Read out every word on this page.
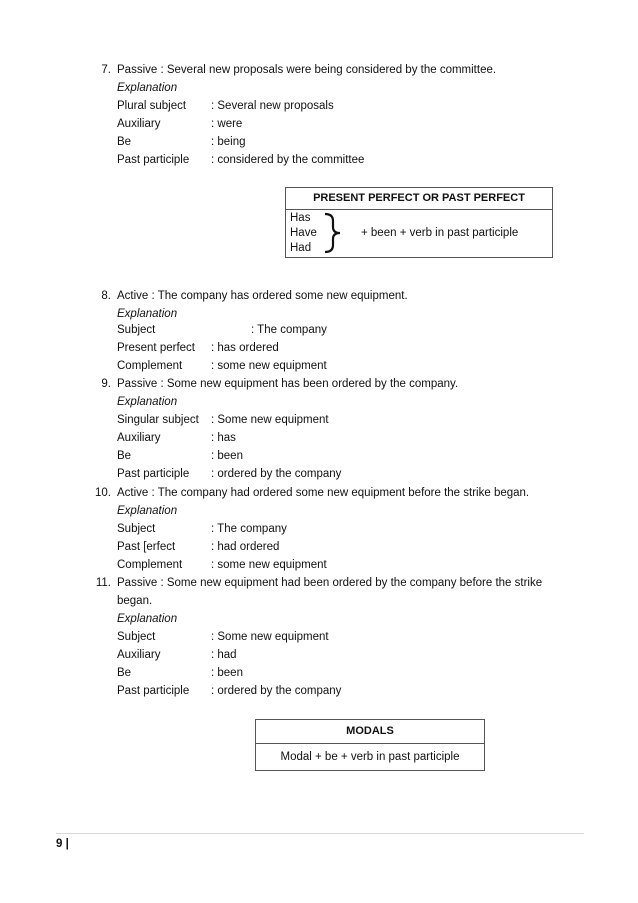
7. Passive : Several new proposals were being considered by the committee.
Explanation
Plural subject : Several new proposals
Auxiliary	: were
Be	: being
Past participle : considered by the committee
PRESENT PERFECT OR PAST PERFECT
Has
Have
Had
+ been + verb in past participle
8. Active : The company has ordered some new equipment.
Explanation
Subject	: The company
Present perfect : has ordered
Complement	: some new equipment
9. Passive : Some new equipment has been ordered by the company.
Explanation
Singular subject : Some new equipment
Auxiliary	: has
Be	: been
Past participle : ordered by the company
10. Active : The company had ordered some new equipment before the strike began.
Explanation
Subject	: The company
Past [erfect	: had ordered
Complement	: some new equipment
11. Passive : Some new equipment had been ordered by the company before the strike
began.
Explanation
Subject	: Some new equipment
Auxiliary	: had
Be	: been
Past participle : ordered by the company
MODALS
Modal + be + verb in past participle
9 |
